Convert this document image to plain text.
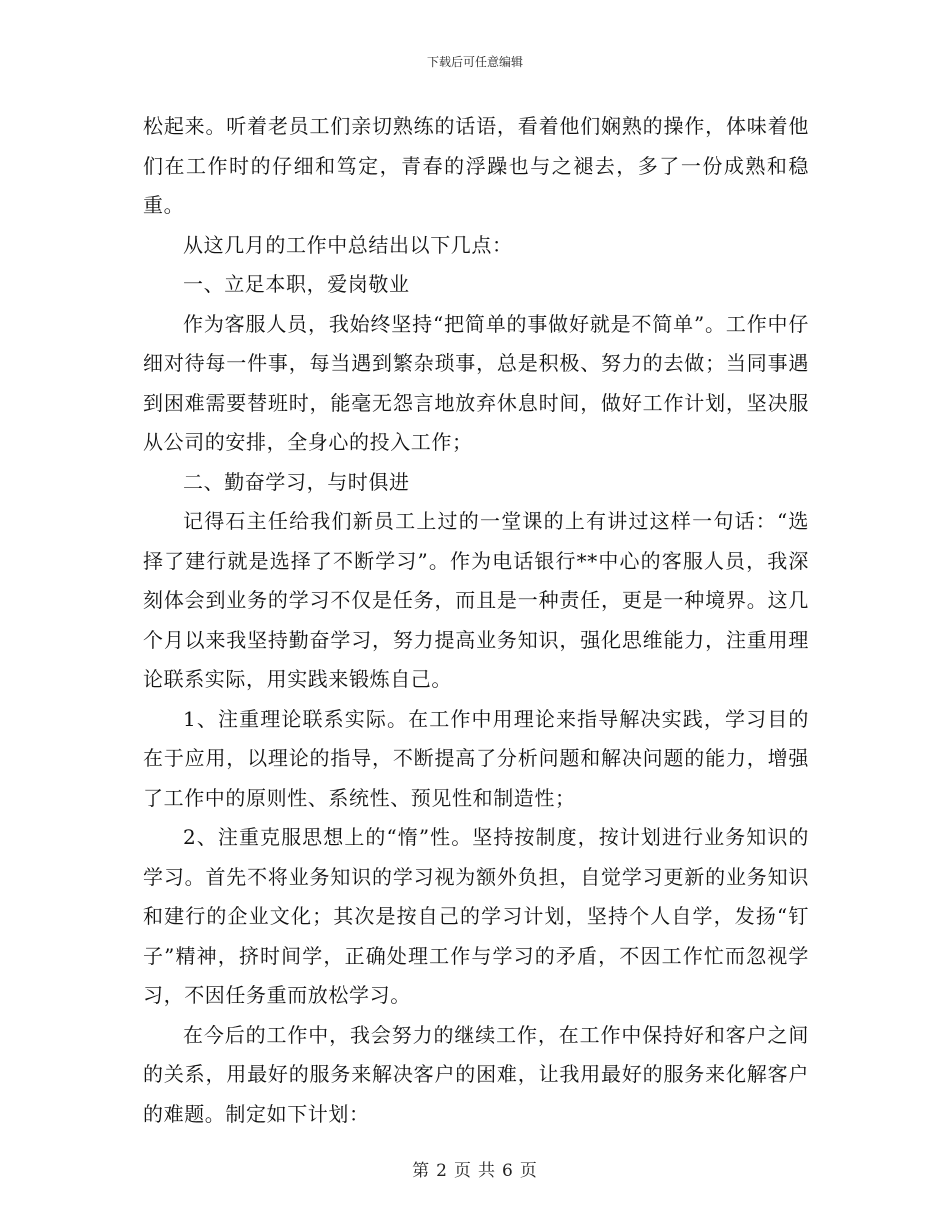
下载后可任意编辑

松起来。听着老员工们亲切熟练的话语，看着他们娴熟的操作，体味着他们在工作时的仔细和笃定，青春的浮躁也与之褪去，多了一份成熟和稳重。

从这几月的工作中总结出以下几点：

一、立足本职，爱岗敬业

作为客服人员，我始终坚持“把简单的事做好就是不简单”。工作中仔细对待每一件事，每当遇到繁杂琐事，总是积极、努力的去做；当同事遇到困难需要替班时，能毫无怨言地放弃休息时间，做好工作计划，坚决服从公司的安排，全身心的投入工作；

二、勤奋学习，与时俱进

记得石主任给我们新员工上过的一堂课的上有讲过这样一句话：“选择了建行就是选择了不断学习”。作为电话银行**中心的客服人员，我深刻体会到业务的学习不仅是任务，而且是一种责任，更是一种境界。这几个月以来我坚持勤奋学习，努力提高业务知识，强化思维能力，注重用理论联系实际，用实践来锻炼自己。

1、注重理论联系实际。在工作中用理论来指导解决实践，学习目的在于应用，以理论的指导，不断提高了分析问题和解决问题的能力，增强了工作中的原则性、系统性、预见性和制造性；

2、注重克服思想上的“惰”性。坚持按制度，按计划进行业务知识的学习。首先不将业务知识的学习视为额外负担，自觉学习更新的业务知识和建行的企业文化；其次是按自己的学习计划，坚持个人自学，发扬“钉子”精神，挤时间学，正确处理工作与学习的矛盾，不因工作忙而忽视学习，不因任务重而放松学习。

在今后的工作中，我会努力的继续工作，在工作中保持好和客户之间的关系，用最好的服务来解决客户的困难，让我用最好的服务来化解客户的难题。制定如下计划：

第 2 页 共 6 页
